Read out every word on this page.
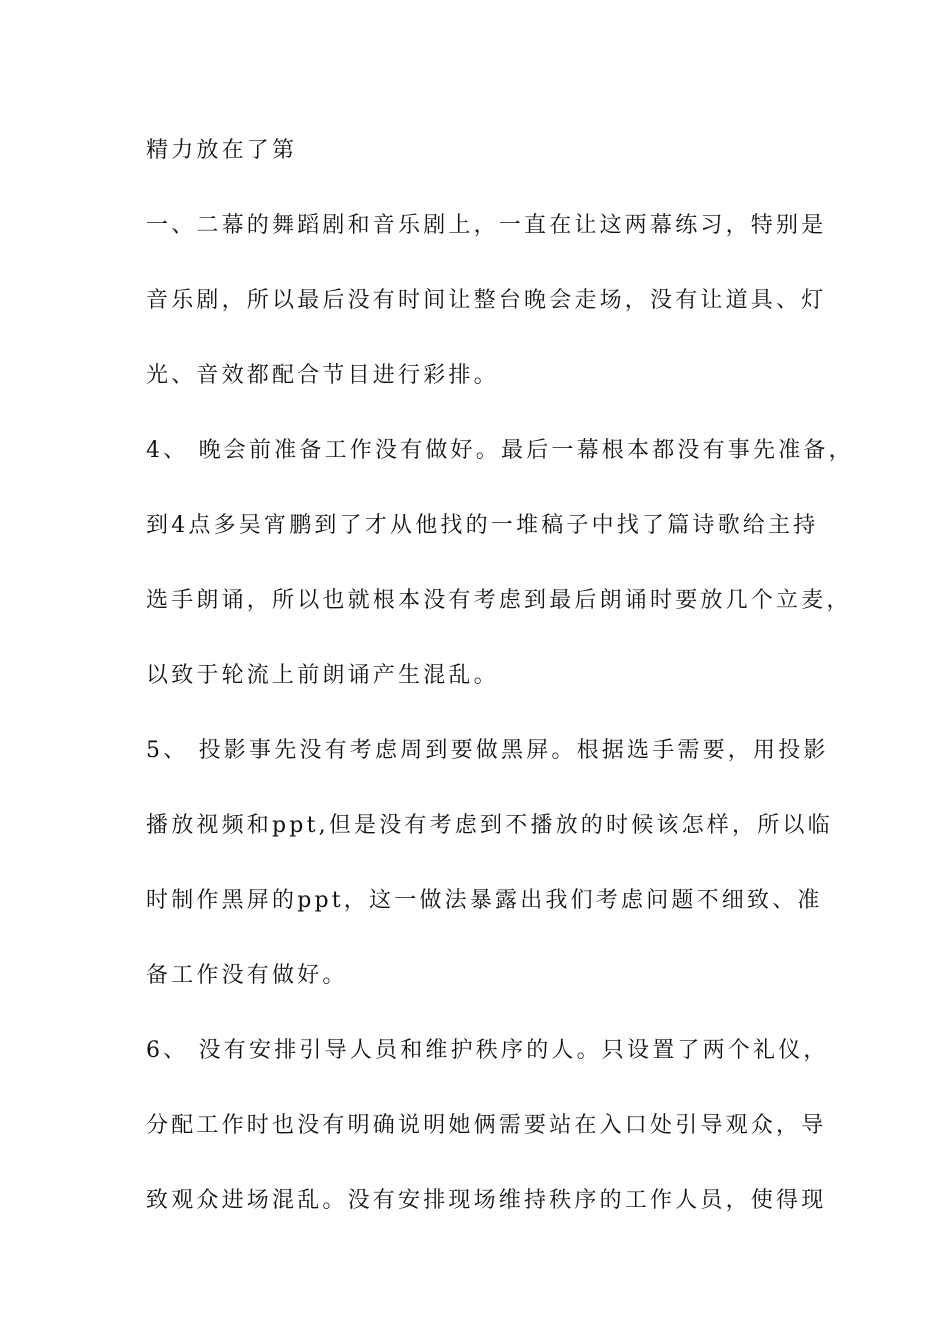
精力放在了第
一、二幕的舞蹈剧和音乐剧上，一直在让这两幕练习，特别是
音乐剧，所以最后没有时间让整台晚会走场，没有让道具、灯
光、音效都配合节目进行彩排。
4、 晚会前准备工作没有做好。最后一幕根本都没有事先准备，
到4点多吴宵鹏到了才从他找的一堆稿子中找了篇诗歌给主持
选手朗诵，所以也就根本没有考虑到最后朗诵时要放几个立麦，
以致于轮流上前朗诵产生混乱。
5、 投影事先没有考虑周到要做黑屏。根据选手需要，用投影
播放视频和ppt,但是没有考虑到不播放的时候该怎样，所以临
时制作黑屏的ppt，这一做法暴露出我们考虑问题不细致、准
备工作没有做好。
6、 没有安排引导人员和维护秩序的人。只设置了两个礼仪，
分配工作时也没有明确说明她俩需要站在入口处引导观众，导
致观众进场混乱。没有安排现场维持秩序的工作人员，使得现
